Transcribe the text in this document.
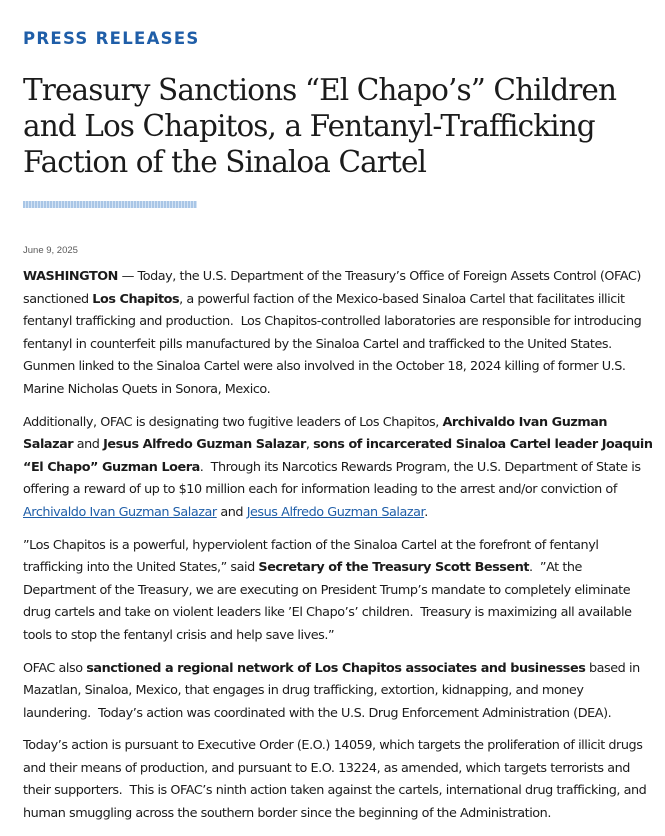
PRESS RELEASES
Treasury Sanctions “El Chapo’s” Children and Los Chapitos, a Fentanyl-Trafficking Faction of the Sinaloa Cartel
June 9, 2025

WASHINGTON — Today, the U.S. Department of the Treasury’s Office of Foreign Assets Control (OFAC) sanctioned Los Chapitos, a powerful faction of the Mexico-based Sinaloa Cartel that facilitates illicit fentanyl trafficking and production.  Los Chapitos-controlled laboratories are responsible for introducing fentanyl in counterfeit pills manufactured by the Sinaloa Cartel and trafficked to the United States.  Gunmen linked to the Sinaloa Cartel were also involved in the October 18, 2024 killing of former U.S. Marine Nicholas Quets in Sonora, Mexico.

Additionally, OFAC is designating two fugitive leaders of Los Chapitos, Archivaldo Ivan Guzman Salazar and Jesus Alfredo Guzman Salazar, sons of incarcerated Sinaloa Cartel leader Joaquin “El Chapo” Guzman Loera.  Through its Narcotics Rewards Program, the U.S. Department of State is offering a reward of up to $10 million each for information leading to the arrest and/or conviction of Archivaldo Ivan Guzman Salazar and Jesus Alfredo Guzman Salazar.

”Los Chapitos is a powerful, hyperviolent faction of the Sinaloa Cartel at the forefront of fentanyl trafficking into the United States,” said Secretary of the Treasury Scott Bessent.  ”At the Department of the Treasury, we are executing on President Trump’s mandate to completely eliminate drug cartels and take on violent leaders like ’El Chapo’s’ children.  Treasury is maximizing all available tools to stop the fentanyl crisis and help save lives.”

OFAC also sanctioned a regional network of Los Chapitos associates and businesses based in Mazatlan, Sinaloa, Mexico, that engages in drug trafficking, extortion, kidnapping, and money laundering.  Today’s action was coordinated with the U.S. Drug Enforcement Administration (DEA).

Today’s action is pursuant to Executive Order (E.O.) 14059, which targets the proliferation of illicit drugs and their means of production, and pursuant to E.O. 13224, as amended, which targets terrorists and their supporters.  This is OFAC’s ninth action taken against the cartels, international drug trafficking, and human smuggling across the southern border since the beginning of the Administration.
